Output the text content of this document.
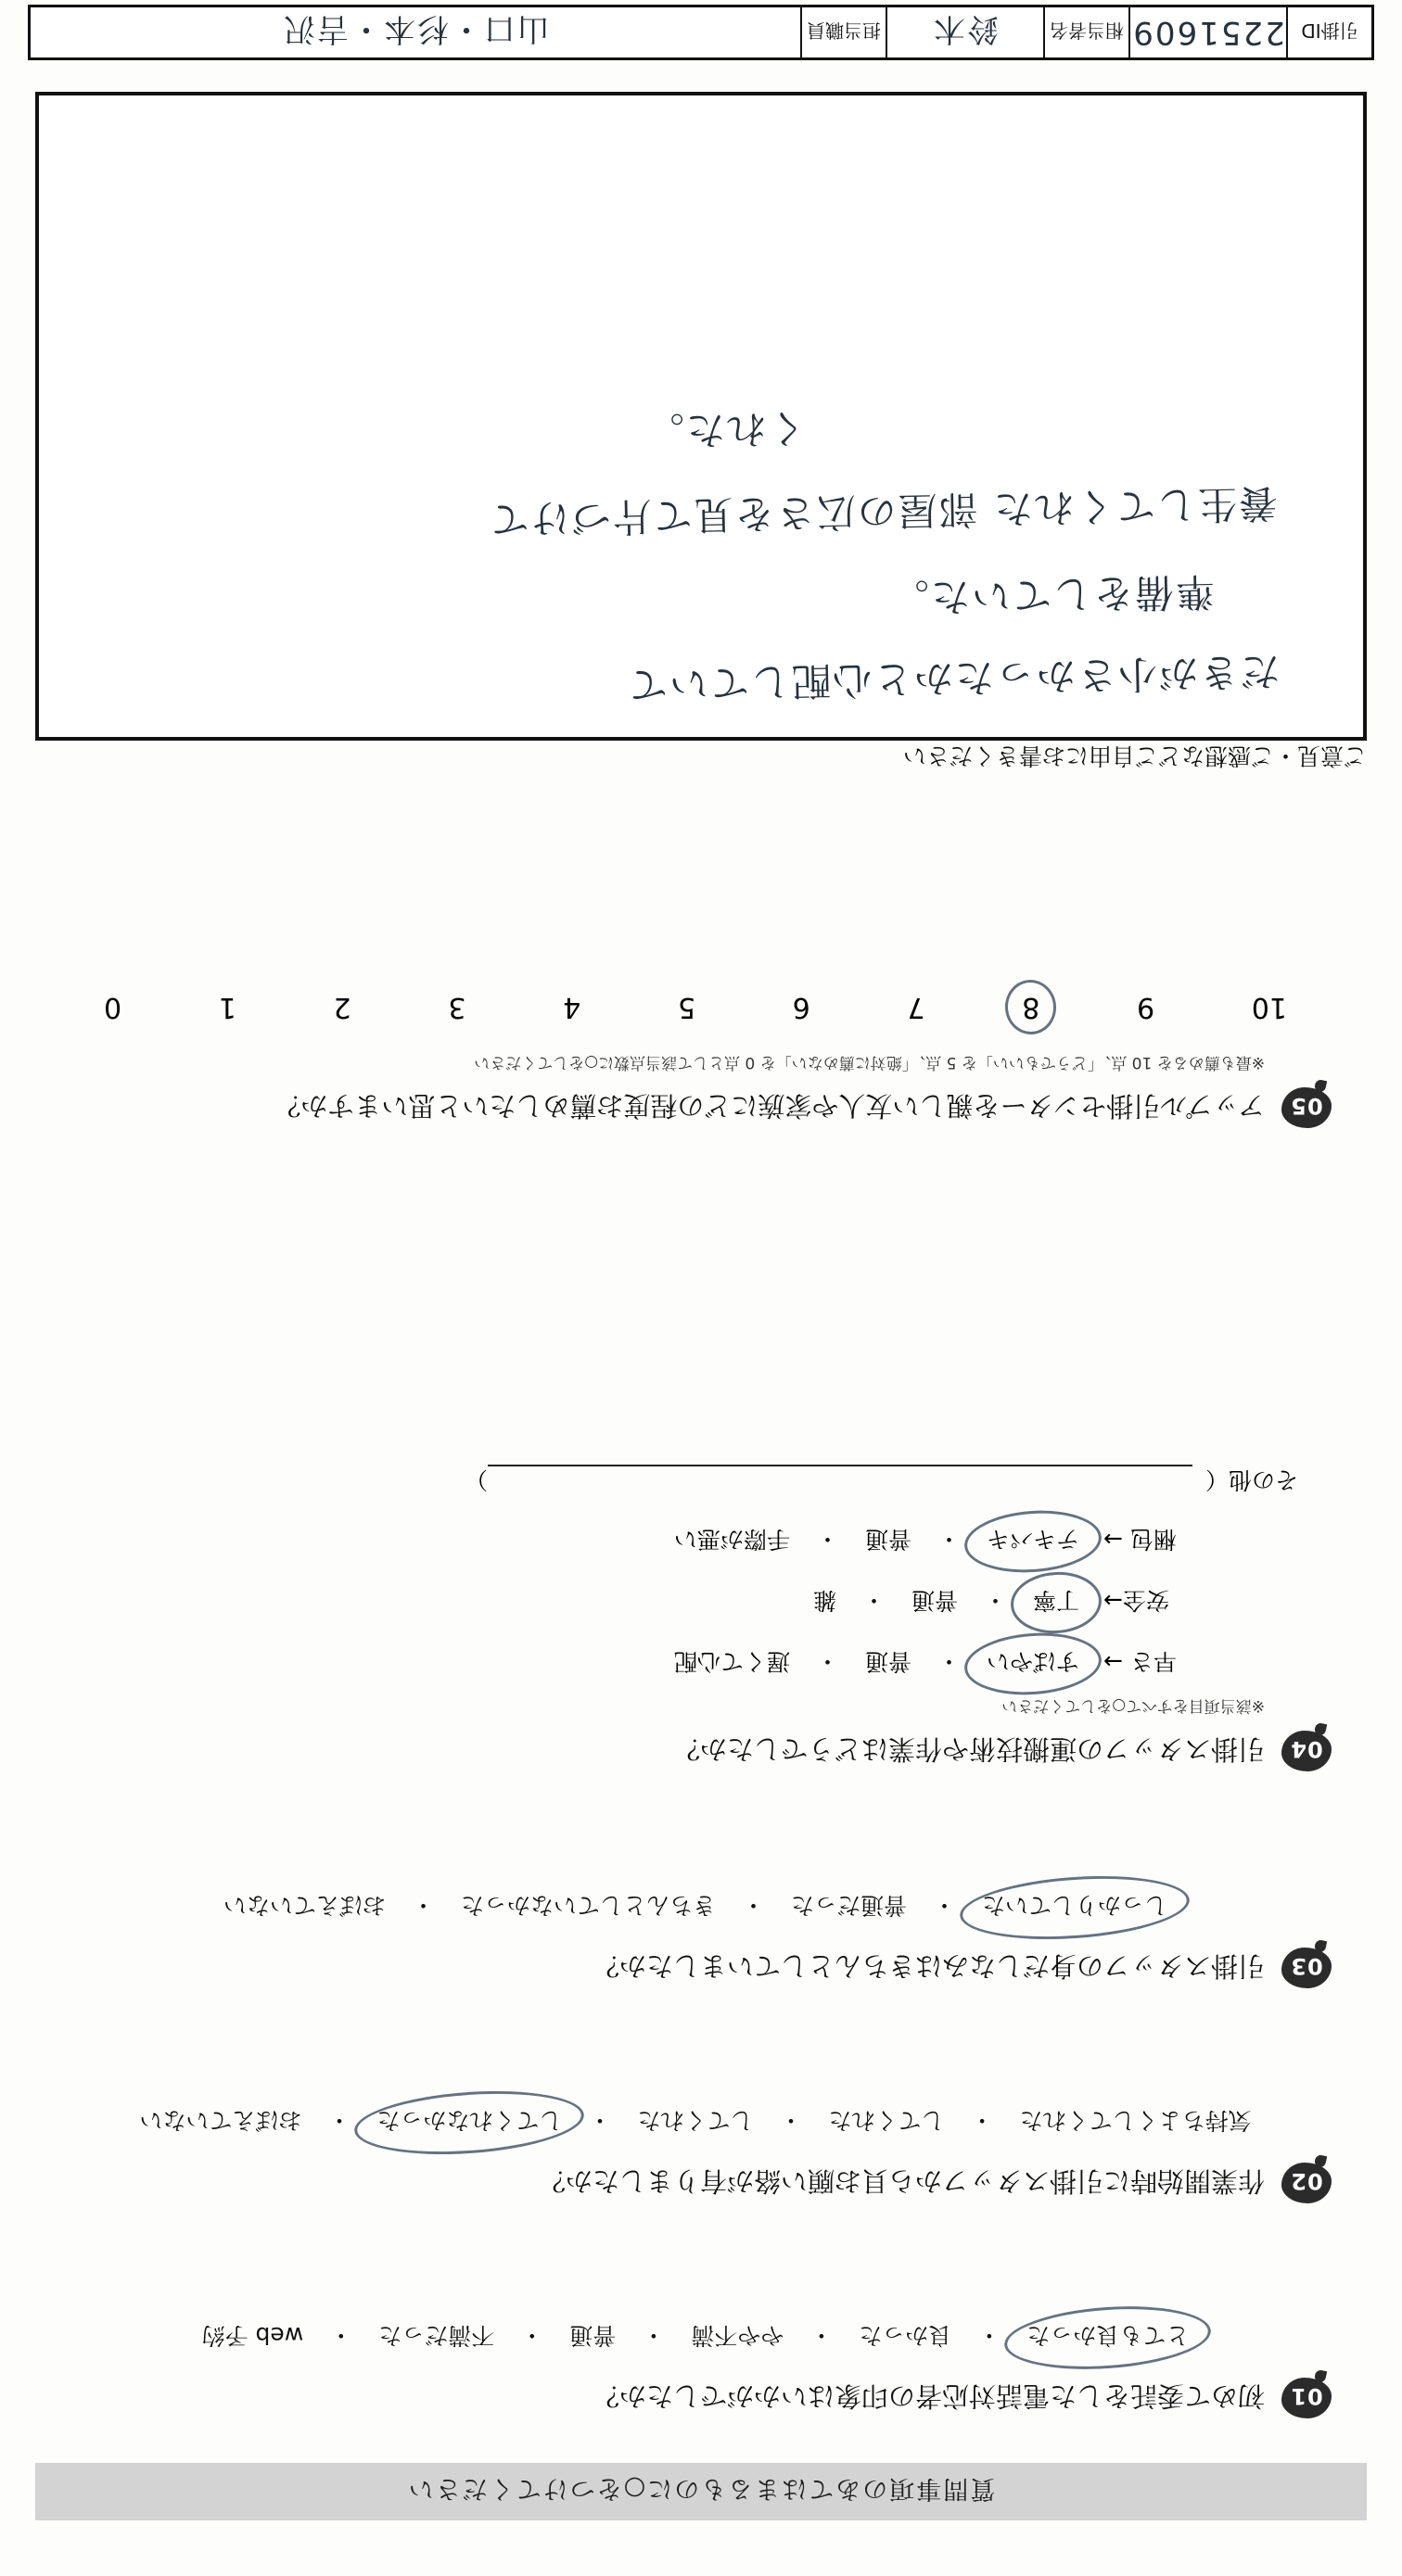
質問事項のあてはまるものに○をつけてください
01
初めて委託をした電話対応者の印象はいかがでしたか？
とても良かった
・
良かった
・
やや不満
・
普通
・
不満だった
・
web 予約
02
作業開始時に引掛スタッフから貝お願い絡が有りましたか？
気持ちよくしてくれた
・
してくれた
・
してくれた
・
してくれなかった
・
おぼえていない
03
引掛スタッフの身だしなみはきちんとしていましたか？
しっかりしていた
・
普通だった
・
きちんとしていなかった
・
おぼえていない
04
引掛スタッフの運搬技術や作業はどうでしたか？
※該当項目をすべて○をしてください
早さ →
すばやい
・
普通
・
遅くて心配
安全→
丁寧
・
普通
・
雑
梱包 →
テキパキ
・
普通
・
手際が悪い
その他（
）
05
アップル引掛センターを親しい友人や家族にどの程度お薦めしたいと思いますか？
※最も薦めるを 10 点、「どうでもいい」を 5 点、「絶対に薦めない」を 0 点として該当点数に○をしてください
10
9
8
7
6
5
4
3
2
1
0
ご意見・ご感想などご自由にお書きください
だきが小さかったかと心配していて
準備をしていた。
養生してくれた 部屋の広さを見て片づけて
くれた。
引掛ID
2251609
相当者名
鈴木
担当職員
山口・杉本・吉沢
